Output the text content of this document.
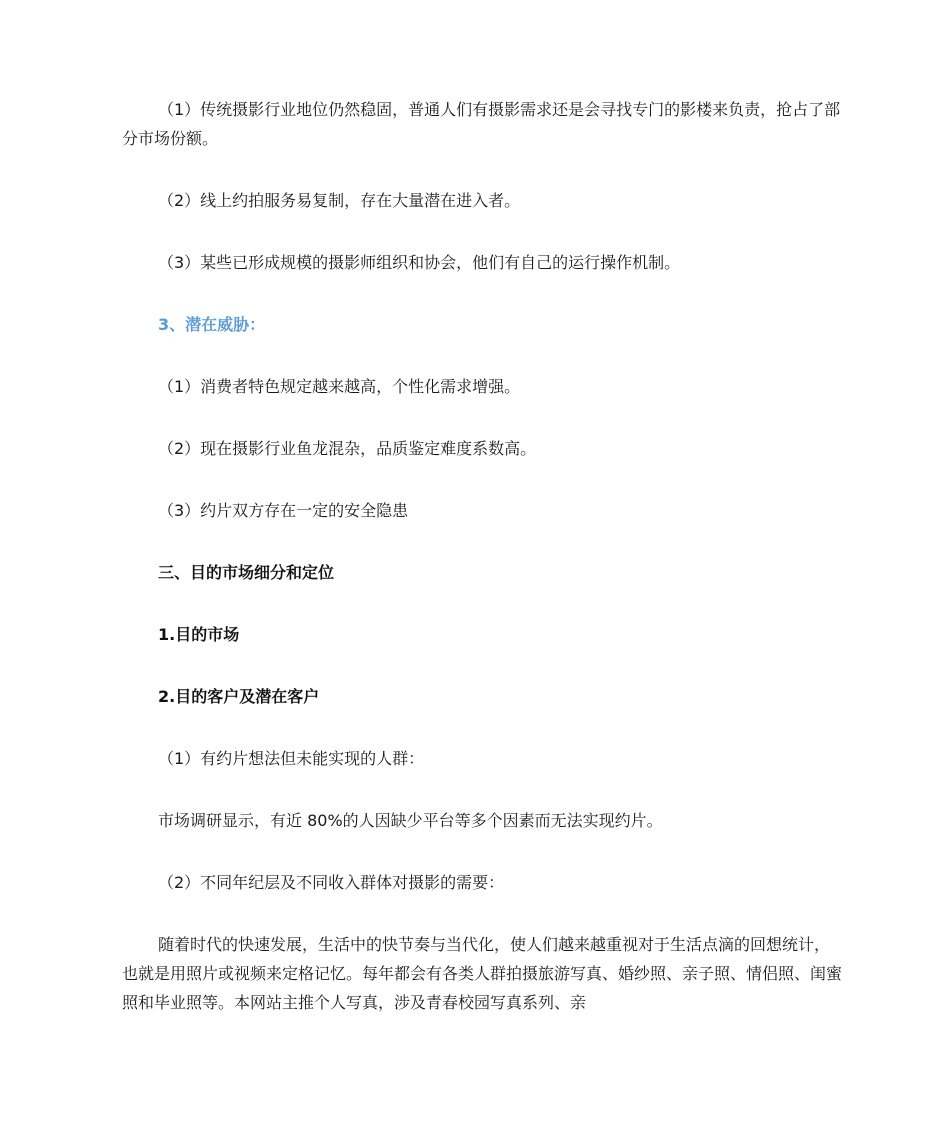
（1）传统摄影行业地位仍然稳固，普通人们有摄影需求还是会寻找专门的影楼来负责，抢占了部分市场份额。
（2）线上约拍服务易复制，存在大量潜在进入者。
（3）某些已形成规模的摄影师组织和协会，他们有自己的运行操作机制。
3、潜在威胁：
（1）消费者特色规定越来越高，个性化需求增强。
（2）现在摄影行业鱼龙混杂，品质鉴定难度系数高。
（3）约片双方存在一定的安全隐患
三、目的市场细分和定位
1.目的市场
2.目的客户及潜在客户
（1）有约片想法但未能实现的人群：
市场调研显示，有近 80%的人因缺少平台等多个因素而无法实现约片。
（2）不同年纪层及不同收入群体对摄影的需要：
随着时代的快速发展，生活中的快节奏与当代化，使人们越来越重视对于生活点滴的回想统计，也就是用照片或视频来定格记忆。每年都会有各类人群拍摄旅游写真、婚纱照、亲子照、情侣照、闺蜜照和毕业照等。本网站主推个人写真，涉及青春校园写真系列、亲
